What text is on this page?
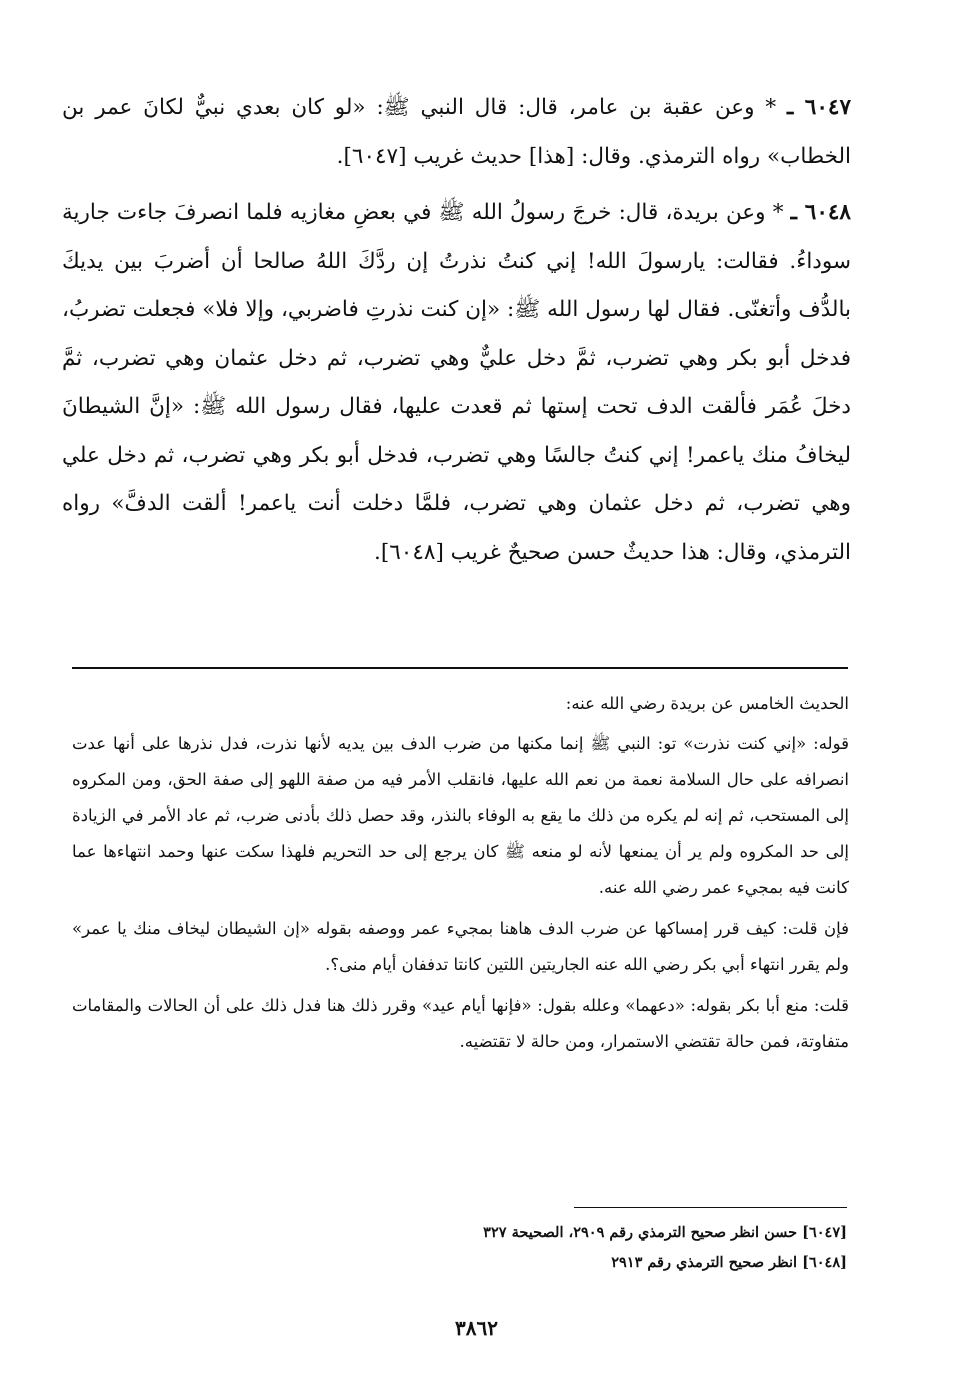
٦٠٤٧ ـ * وعن عقبة بن عامر، قال: قال النبي ﷺ: «لو كان بعدي نبيٌّ لكانَ عمر بن الخطاب» رواه الترمذي. وقال: [هذا] حديث غريب [٦٠٤٧].

٦٠٤٨ ـ * وعن بريدة، قال: خرجَ رسولُ الله ﷺ في بعضِ مغازيه فلما انصرفَ جاءت جارية سوداءُ. فقالت: يارسولَ الله! إني كنتُ نذرتُ إن ردَّكَ اللهُ صالحا أن أضربَ بين يديكَ بالدُّف وأتغنّى. فقال لها رسول الله ﷺ: «إن كنت نذرتِ فاضربي، وإلا فلا» فجعلت تضربُ، فدخل أبو بكر وهي تضرب، ثمَّ دخل عليٌّ وهي تضرب، ثم دخل عثمان وهي تضرب، ثمَّ دخلَ عُمَر فألقت الدف تحت إستها ثم قعدت عليها، فقال رسول الله ﷺ: «إنَّ الشيطانَ ليخافُ منك ياعمر! إني كنتُ جالسًا وهي تضرب، فدخل أبو بكر وهي تضرب، ثم دخل علي وهي تضرب، ثم دخل عثمان وهي تضرب، فلمَّا دخلت أنت ياعمر! ألقت الدفَّ» رواه الترمذي، وقال: هذا حديثٌ حسن صحيحٌ غريب [٦٠٤٨].

الحديث الخامس عن بريدة رضي الله عنه:

قوله: «إني كنت نذرت» تو: النبي ﷺ إنما مكنها من ضرب الدف بين يديه لأنها نذرت، فدل نذرها على أنها عدت انصرافه على حال السلامة نعمة من نعم الله عليها، فانقلب الأمر فيه من صفة اللهو إلى صفة الحق، ومن المكروه إلى المستحب، ثم إنه لم يكره من ذلك ما يقع به الوفاء بالنذر، وقد حصل ذلك بأدنى ضرب، ثم عاد الأمر في الزيادة إلى حد المكروه ولم ير أن يمنعها لأنه لو منعه ﷺ كان يرجع إلى حد التحريم فلهذا سكت عنها وحمد انتهاءها عما كانت فيه بمجيء عمر رضي الله عنه.

فإن قلت: كيف قرر إمساكها عن ضرب الدف هاهنا بمجيء عمر ووصفه بقوله «إن الشيطان ليخاف منك يا عمر» ولم يقرر انتهاء أبي بكر رضي الله عنه الجاريتين اللتين كانتا تدففان أيام منى؟.

قلت: منع أبا بكر بقوله: «دعهما» وعلله بقول: «فإنها أيام عيد» وقرر ذلك هنا فدل ذلك على أن الحالات والمقامات متفاوتة، فمن حالة تقتضي الاستمرار، ومن حالة لا تقتضيه.

[٦٠٤٧] حسن انظر صحيح الترمذي رقم ٢٩٠٩، الصحيحة ٣٢٧
[٦٠٤٨] انظر صحيح الترمذي رقم ٢٩١٣
٣٨٦٢
